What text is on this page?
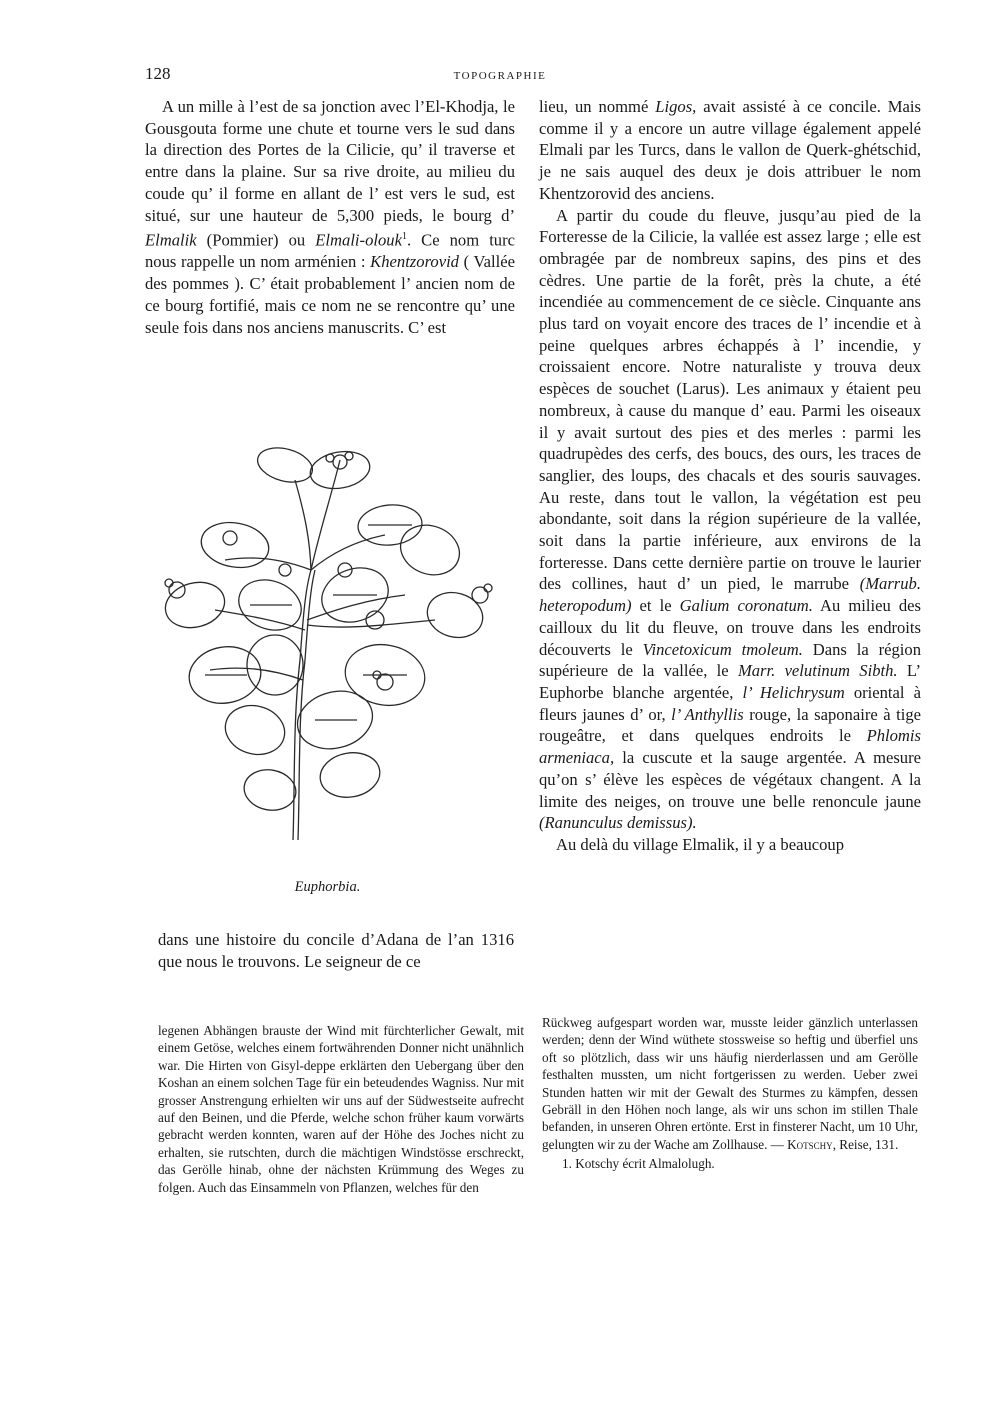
128	TOPOGRAPHIE

A un mille à l’est de sa jonction avec l’El-Khodja, le Gousgouta forme une chute et tourne vers le sud dans la direction des Portes de la Cilicie, qu’ il traverse et entre dans la plaine. Sur sa rive droite, au milieu du coude qu’ il forme en allant de l’ est vers le sud, est situé, sur une hauteur de 5,300 pieds, le bourg d’ Elmalik (Pommier) ou Elmali-olouk$^1$. Ce nom turc nous rappelle un nom arménien : Khentzorovid ( Vallée des pommes ). C’ était probablement l’ ancien nom de ce bourg fortifié, mais ce nom ne se rencontre qu’ une seule fois dans nos anciens manuscrits. C’ est

Euphorbia.

dans une histoire du concile d’Adana de l’an 1316 que nous le trouvons. Le seigneur de ce

lieu, un nommé Ligos, avait assisté à ce concile. Mais comme il y a encore un autre village également appelé Elmali par les Turcs, dans le vallon de Querk-ghétschid, je ne sais auquel des deux je dois attribuer le nom Khentzorovid des anciens.

A partir du coude du fleuve, jusqu’au pied de la Forteresse de la Cilicie, la vallée est assez large ; elle est ombragée par de nombreux sapins, des pins et des cèdres. Une partie de la forêt, près la chute, a été incendiée au commencement de ce siècle. Cinquante ans plus tard on voyait encore des traces de l’ incendie et à peine quelques arbres échappés à l’ incendie, y croissaient encore. Notre naturaliste y trouva deux espèces de souchet (Larus). Les animaux y étaient peu nombreux, à cause du manque d’ eau. Parmi les oiseaux il y avait surtout des pies et des merles : parmi les quadrupèdes des cerfs, des boucs, des ours, les traces de sanglier, des loups, des chacals et des souris sauvages. Au reste, dans tout le vallon, la végétation est peu abondante, soit dans la région supérieure de la vallée, soit dans la partie inférieure, aux environs de la forteresse. Dans cette dernière partie on trouve le laurier des collines, haut d’ un pied, le marrube (Marrub. heteropodum) et le Galium coronatum. Au milieu des cailloux du lit du fleuve, on trouve dans les endroits découverts le Vincetoxicum tmoleum. Dans la région supérieure de la vallée, le Marr. velutinum Sibth. L’ Euphorbe blanche argentée, l’ Helichrysum oriental à fleurs jaunes d’ or, l’ Anthyllis rouge, la saponaire à tige rougeâtre, et dans quelques endroits le Phlomis armeniaca, la cuscute et la sauge argentée. A mesure qu’on s’ élève les espèces de végétaux changent. A la limite des neiges, on trouve une belle renoncule jaune (Ranunculus demissus).

Au delà du village Elmalik, il y a beaucoup

legenen Abhängen brauste der Wind mit fürchterlicher Gewalt, mit einem Getöse, welches einem fortwährenden Donner nicht unähnlich war. Die Hirten von Gisyl-deppe erklärten den Uebergang über den Koshan an einem solchen Tage für ein beteudendes Wagniss. Nur mit grosser Anstrengung erhielten wir uns auf der Südwestseite aufrecht auf den Beinen, und die Pferde, welche schon früher kaum vorwärts gebracht werden konnten, waren auf der Höhe des Joches nicht zu erhalten, sie rutschten, durch die mächtigen Windstösse erschreckt, das Gerölle hinab, ohne der nächsten Krümmung des Weges zu folgen. Auch das Einsammeln von Pflanzen, welches für den

Rückweg aufgespart worden war, musste leider gänzlich unterlassen werden; denn der Wind wüthete stossweise so heftig und überfiel uns oft so plötzlich, dass wir uns häufig nierderlassen und am Gerölle festhalten mussten, um nicht fortgerissen zu werden. Ueber zwei Stunden hatten wir mit der Gewalt des Sturmes zu kämpfen, dessen Gebräll in den Höhen noch lange, als wir uns schon im stillen Thale befanden, in unseren Ohren ertönte. Erst in finsterer Nacht, um 10 Uhr, gelungten wir zu der Wache am Zollhause. — Kotschy, Reise, 131.

1. Kotschy écrit Almalolugh.
